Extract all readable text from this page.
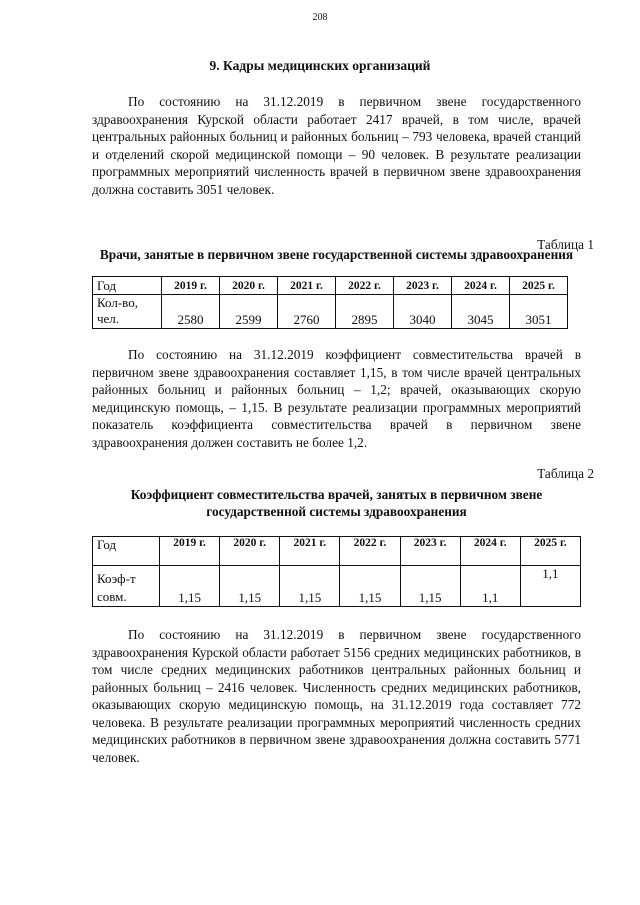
208
9. Кадры медицинских организаций

По состоянию на 31.12.2019 в первичном звене государственного здравоохранения Курской области работает 2417 врачей, в том числе, врачей центральных районных больниц и районных больниц – 793 человека, врачей станций и отделений скорой медицинской помощи – 90 человек. В результате реализации программных мероприятий численность врачей в первичном звене здравоохранения должна составить 3051 человек.

Таблица 1

Врачи, занятые в первичном звене государственной системы здравоохранения
Год	2019 г.	2020 г.	2021 г.	2022 г.	2023 г.	2024 г.	2025 г.
Кол-во, чел.	2580	2599	2760	2895	3040	3045	3051

По состоянию на 31.12.2019 коэффициент совместительства врачей в первичном звене здравоохранения составляет 1,15, в том числе врачей центральных районных больниц и районных больниц – 1,2; врачей, оказывающих скорую медицинскую помощь, – 1,15. В результате реализации программных мероприятий показатель коэффициента совместительства врачей в первичном звене здравоохранения должен составить не более 1,2.

Таблица 2
Коэффициент совместительства врачей, занятых в первичном звене государственной системы здравоохранения
Год	2019 г.	2020 г.	2021 г.	2022 г.	2023 г.	2024 г.	2025 г.
Коэф-т совм.	1,15	1,15	1,15	1,15	1,15	1,1	1,1

По состоянию на 31.12.2019 в первичном звене государственного здравоохранения Курской области работает 5156 средних медицинских работников, в том числе средних медицинских работников центральных районных больниц и районных больниц – 2416 человек. Численность средних медицинских работников, оказывающих скорую медицинскую помощь, на 31.12.2019 года составляет 772 человека. В результате реализации программных мероприятий численность средних медицинских работников в первичном звене здравоохранения должна составить 5771 человек.
